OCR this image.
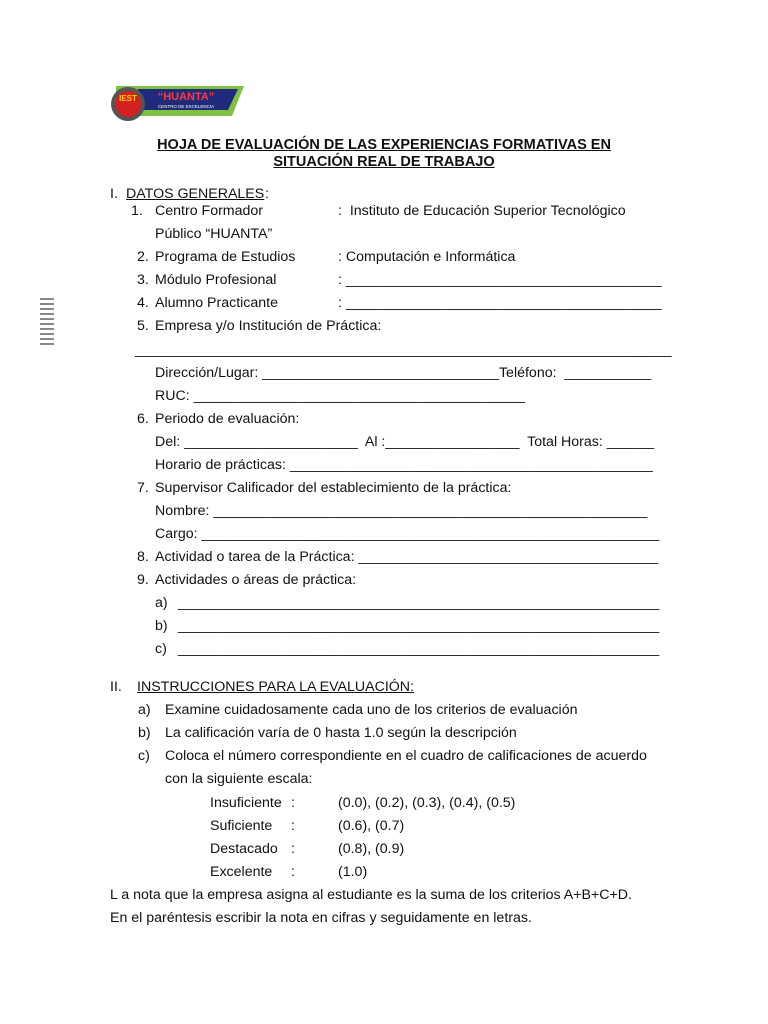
IEST “HUANTA”
CENTRO DE EXCELENCIA
HOJA DE EVALUACIÓN DE LAS EXPERIENCIAS FORMATIVAS EN
SITUACIÓN REAL DE TRABAJO
I. DATOS GENERALES :
1. Centro Formador	:  Instituto de Educación Superior Tecnológico
Público “HUANTA”
2. Programa de Estudios	: Computación e Informática
3. Módulo Profesional	: ________________________________________
4. Alumno Practicante	: ________________________________________
5. Empresa y/o Institución de Práctica:
____________________________________________________________________
Dirección/Lugar: ______________________________Teléfono:  ___________
RUC: __________________________________________
6. Periodo de evaluación:
Del: ______________________  Al :_________________  Total Horas: ______
Horario de prácticas: ______________________________________________
7. Supervisor Calificador del establecimiento de la práctica:
Nombre: _______________________________________________________
Cargo: __________________________________________________________
8. Actividad o tarea de la Práctica: ______________________________________
9. Actividades o áreas de práctica:
a) _____________________________________________________________
b) _____________________________________________________________
c) _____________________________________________________________
II. INSTRUCCIONES PARA LA EVALUACIÓN:
a) Examine cuidadosamente cada uno de los criterios de evaluación
b) La calificación varía de 0 hasta 1.0 según la descripción
c) Coloca el número correspondiente en el cuadro de calificaciones de acuerdo
con la siguiente escala:
Insuficiente :	(0.0), (0.2), (0.3), (0.4), (0.5)
Suficiente :	(0.6), (0.7)
Destacado :	(0.8), (0.9)
Excelente :	(1.0)
L a nota que la empresa asigna al estudiante es la suma de los criterios A+B+C+D.
En el paréntesis escribir la nota en cifras y seguidamente en letras.
